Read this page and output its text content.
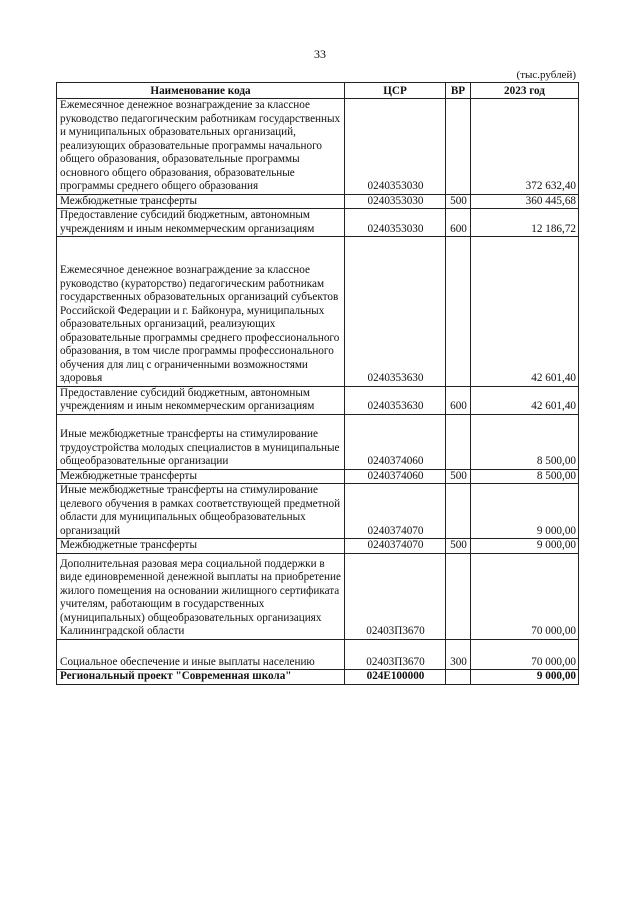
33
(тыс.рублей)
Наименование кода	ЦСР	ВР	2023 год
Ежемесячное денежное вознаграждение за классное руководство педагогическим работникам государственных и муниципальных образовательных организаций, реализующих образовательные программы начального общего образования, образовательные программы основного общего образования, образовательные программы среднего общего образования	0240353030		372 632,40
Межбюджетные трансферты	0240353030	500	360 445,68
Предоставление субсидий бюджетным, автономным учреждениям и иным некоммерческим организациям	0240353030	600	12 186,72

Ежемесячное денежное вознаграждение за классное руководство (кураторство) педагогическим работникам государственных образовательных организаций субъектов Российской Федерации и г. Байконура, муниципальных образовательных организаций, реализующих образовательные программы среднего профессионального образования, в том числе программы профессионального обучения для лиц с ограниченными возможностями здоровья	0240353630		42 601,40
Предоставление субсидий бюджетным, автономным учреждениям и иным некоммерческим организациям	0240353630	600	42 601,40

Иные межбюджетные трансферты на стимулирование трудоустройства молодых специалистов в муниципальные общеобразовательные организации	0240374060		8 500,00
Межбюджетные трансферты	0240374060	500	8 500,00
Иные межбюджетные трансферты на стимулирование целевого обучения в рамках соответствующей предметной области для муниципальных общеобразовательных организаций	0240374070		9 000,00
Межбюджетные трансферты	0240374070	500	9 000,00

Дополнительная разовая мера социальной поддержки в виде единовременной денежной выплаты на приобретение жилого помещения на основании жилищного сертификата учителям, работающим в государственных (муниципальных) общеобразовательных организациях Калининградской области	02403П3670		70 000,00

Социальное обеспечение и иные выплаты населению	02403П3670	300	70 000,00
Региональный проект "Современная школа"	024Е100000		9 000,00
